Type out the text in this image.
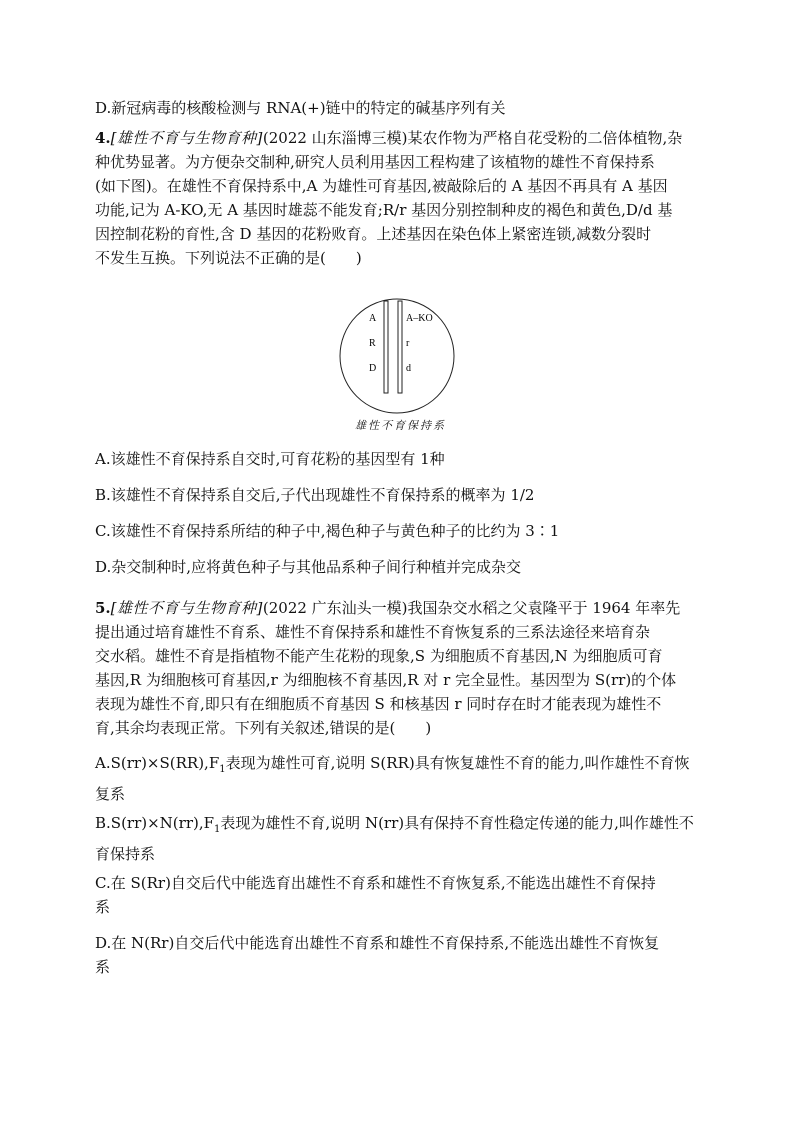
D.新冠病毒的核酸检测与 RNA(+)链中的特定的碱基序列有关
4.[雄性不育与生物育种](2022 山东淄博三模)某农作物为严格自花受粉的二倍体植物,杂
种优势显著。为方便杂交制种,研究人员利用基因工程构建了该植物的雄性不育保持系
(如下图)。在雄性不育保持系中,A 为雄性可育基因,被敲除后的 A 基因不再具有 A 基因
功能,记为 A-KO,无 A 基因时雄蕊不能发育;R/r 基因分别控制种皮的褐色和黄色,D/d 基
因控制花粉的育性,含 D 基因的花粉败育。上述基因在染色体上紧密连锁,减数分裂时
不发生互换。下列说法不正确的是(　　)
A
R
D
A–KO
r
d
雄性不育保持系
A.该雄性不育保持系自交时,可育花粉的基因型有 1种
B.该雄性不育保持系自交后,子代出现雄性不育保持系的概率为 1/2
C.该雄性不育保持系所结的种子中,褐色种子与黄色种子的比约为 3∶1
D.杂交制种时,应将黄色种子与其他品系种子间行种植并完成杂交
5.[雄性不育与生物育种](2022 广东汕头一模)我国杂交水稻之父袁隆平于 1964 年率先
提出通过培育雄性不育系、雄性不育保持系和雄性不育恢复系的三系法途径来培育杂
交水稻。雄性不育是指植物不能产生花粉的现象,S 为细胞质不育基因,N 为细胞质可育
基因,R 为细胞核可育基因,r 为细胞核不育基因,R 对 r 完全显性。基因型为 S(rr)的个体
表现为雄性不育,即只有在细胞质不育基因 S 和核基因 r 同时存在时才能表现为雄性不
育,其余均表现正常。下列有关叙述,错误的是(　　)
$A.S(rr)\times S(RR),F_1$表现为雄性可育,说明 S(RR)具有恢复雄性不育的能力,叫作雄性不育恢
复系
$B.S(rr)\times N(rr),F_1$表现为雄性不育,说明 N(rr)具有保持不育性稳定传递的能力,叫作雄性不
育保持系
C.在 S(Rr)自交后代中能选育出雄性不育系和雄性不育恢复系,不能选出雄性不育保持
系
D.在 N(Rr)自交后代中能选育出雄性不育系和雄性不育保持系,不能选出雄性不育恢复
系
